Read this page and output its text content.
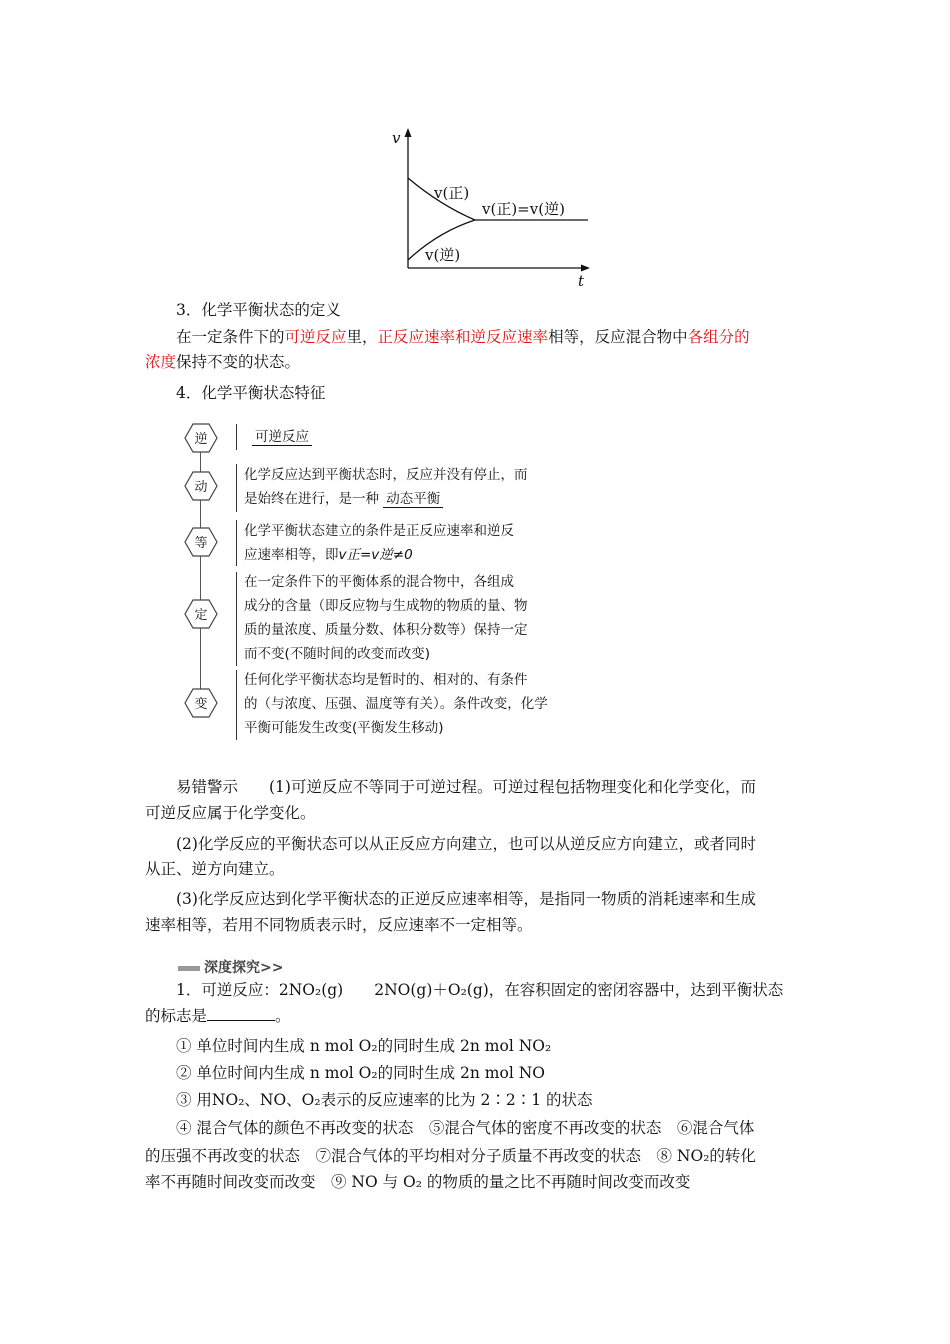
v
t
v(正)
v(正)=v(逆)
v(逆)
3．化学平衡状态的定义
在一定条件下的可逆反应里，正反应速率和逆反应速率相等，反应混合物中各组分的
浓度保持不变的状态。
4．化学平衡状态特征
逆
动
等
定
变
可逆反应
化学反应达到平衡状态时，反应并没有停止，而
是始终在进行，是一种 动态平衡
化学平衡状态建立的条件是正反应速率和逆反
应速率相等，即v正=v逆≠0
在一定条件下的平衡体系的混合物中，各组成
成分的含量（即反应物与生成物的物质的量、物
质的量浓度、质量分数、体积分数等）保持一定
而不变(不随时间的改变而改变)
任何化学平衡状态均是暂时的、相对的、有条件
的（与浓度、压强、温度等有关）。条件改变，化学
平衡可能发生改变(平衡发生移动)
易错警示　　(1)可逆反应不等同于可逆过程。可逆过程包括物理变化和化学变化，而
可逆反应属于化学变化。
(2)化学反应的平衡状态可以从正反应方向建立，也可以从逆反应方向建立，或者同时
从正、逆方向建立。
(3)化学反应达到化学平衡状态的正逆反应速率相等，是指同一物质的消耗速率和生成
速率相等，若用不同物质表示时，反应速率不一定相等。
深度探究>>
1．可逆反应：2NO₂(g)　　2NO(g)＋O₂(g)，在容积固定的密闭容器中，达到平衡状态
的标志是	。
① 单位时间内生成 n mol O₂的同时生成 2n mol NO₂
② 单位时间内生成 n mol O₂的同时生成 2n mol NO
③ 用NO₂、NO、O₂表示的反应速率的比为 2∶2∶1 的状态
④ 混合气体的颜色不再改变的状态　⑤混合气体的密度不再改变的状态　⑥混合气体
的压强不再改变的状态　⑦混合气体的平均相对分子质量不再改变的状态　⑧ NO₂的转化
率不再随时间改变而改变　⑨ NO 与 O₂ 的物质的量之比不再随时间改变而改变
